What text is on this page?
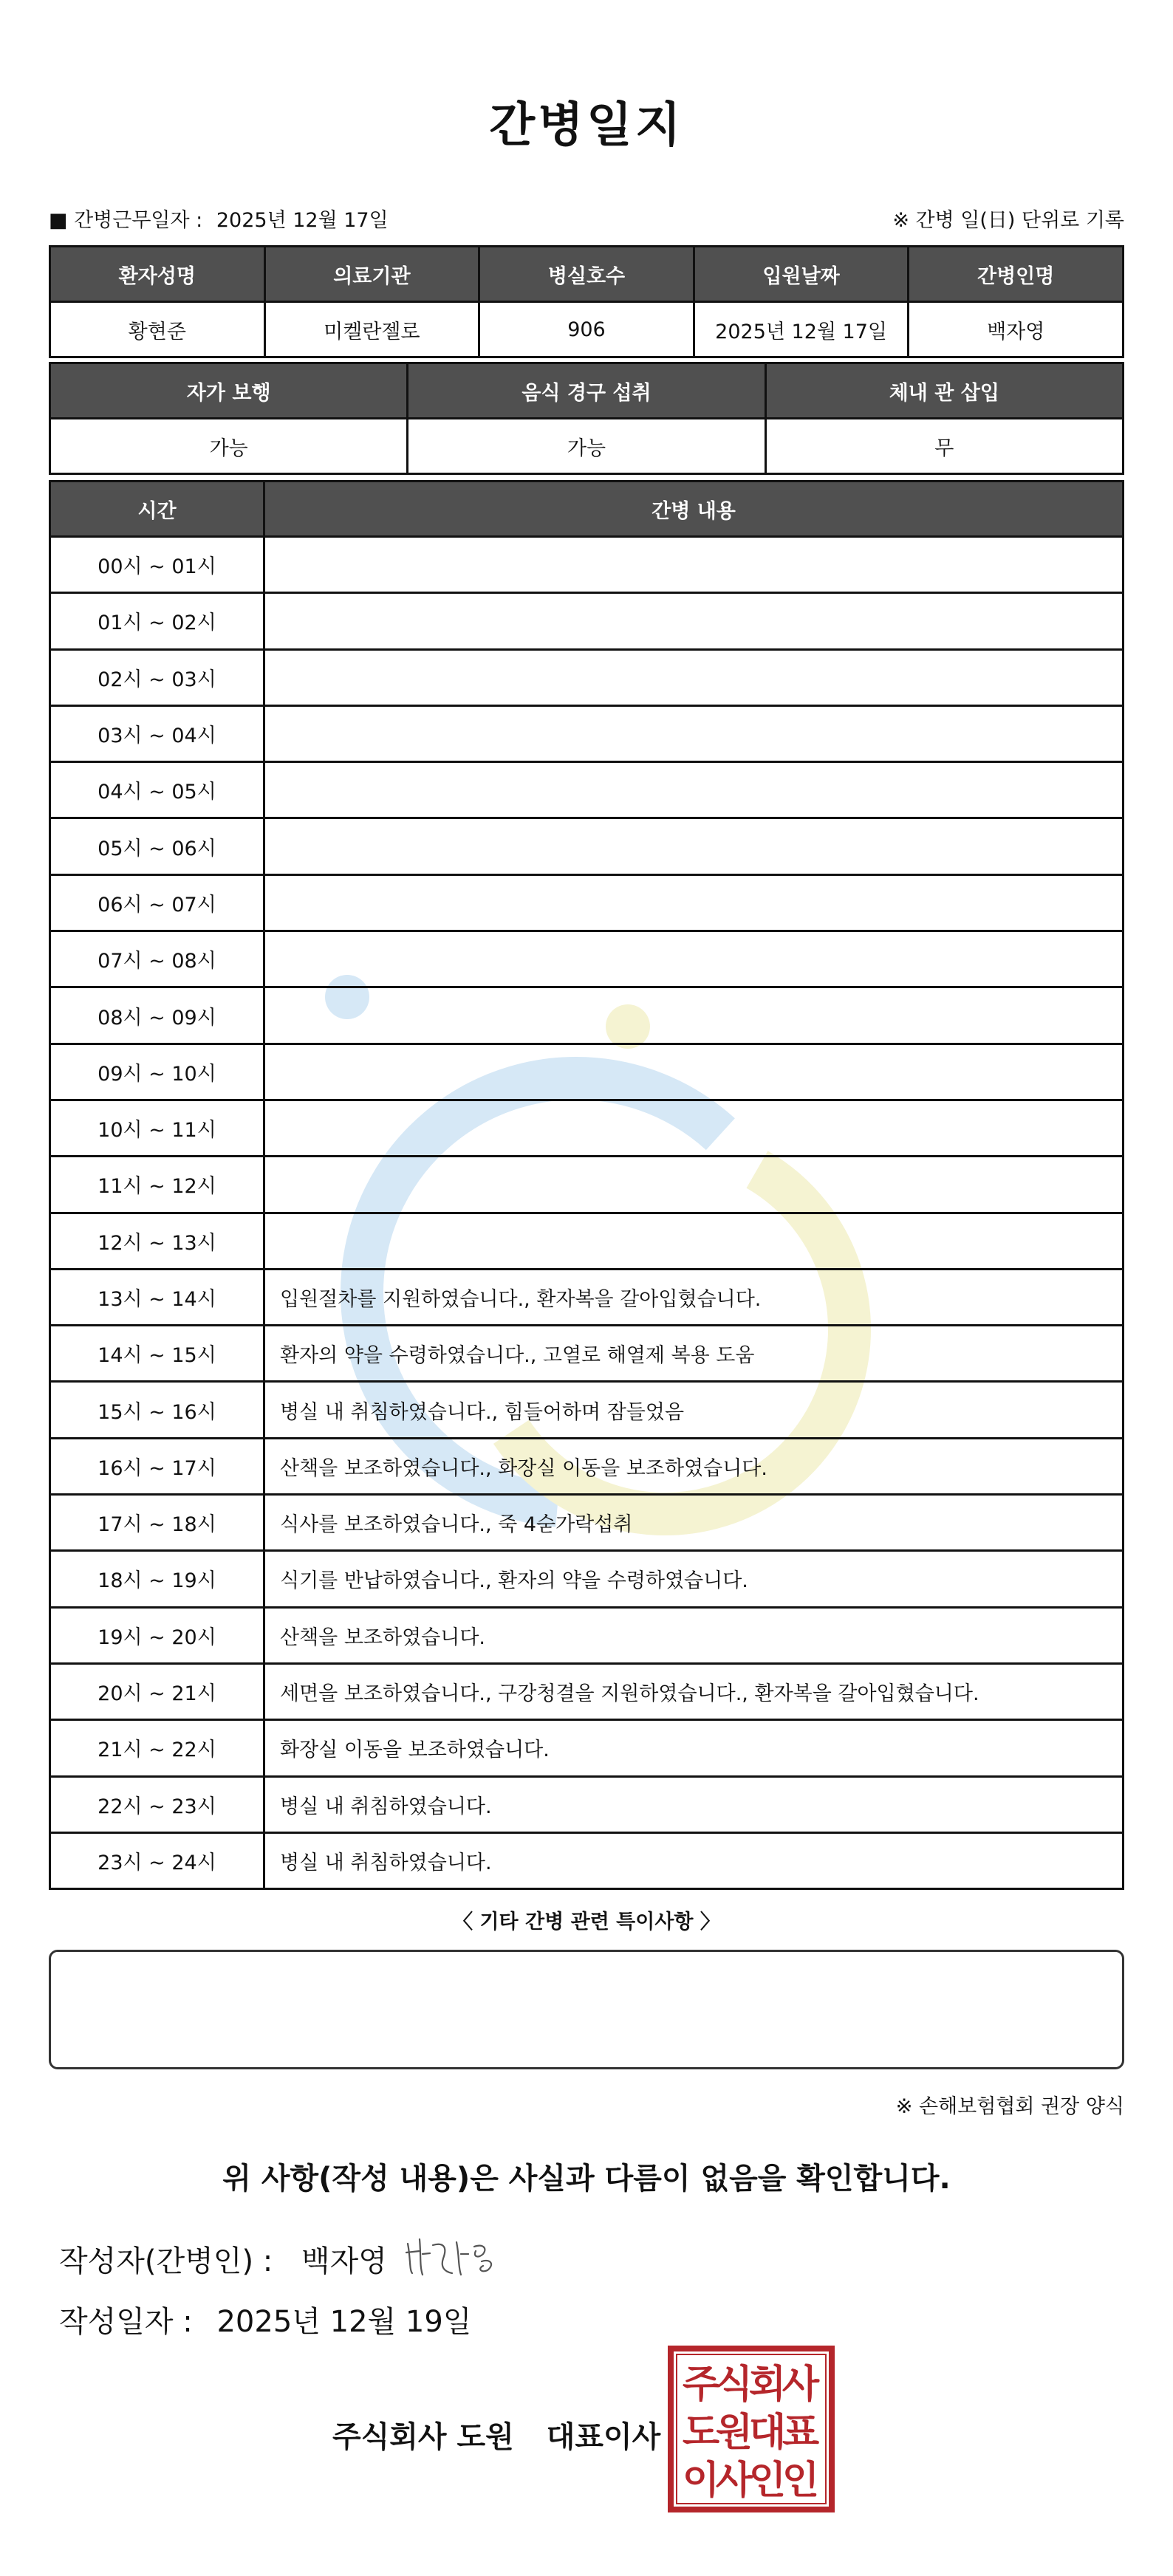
간병일지
■ 간병근무일자 : 2025년 12월 17일	※ 간병 일(日) 단위로 기록
환자성명	의료기관	병실호수	입원날짜	간병인명
황현준	미켈란젤로	906	2025년 12월 17일	백자영
자가 보행	음식 경구 섭취	체내 관 삽입
가능	가능	무
시간	간병 내용
00시 ~ 01시	
01시 ~ 02시	
02시 ~ 03시	
03시 ~ 04시	
04시 ~ 05시	
05시 ~ 06시	
06시 ~ 07시	
07시 ~ 08시	
08시 ~ 09시	
09시 ~ 10시	
10시 ~ 11시	
11시 ~ 12시	
12시 ~ 13시	
13시 ~ 14시	입원절차를 지원하였습니다., 환자복을 갈아입혔습니다.
14시 ~ 15시	환자의 약을 수령하였습니다., 고열로 해열제 복용 도움
15시 ~ 16시	병실 내 취침하였습니다., 힘들어하며 잠들었음
16시 ~ 17시	산책을 보조하였습니다., 화장실 이동을 보조하였습니다.
17시 ~ 18시	식사를 보조하였습니다., 죽 4숟가락섭취
18시 ~ 19시	식기를 반납하였습니다., 환자의 약을 수령하였습니다.
19시 ~ 20시	산책을 보조하였습니다.
20시 ~ 21시	세면을 보조하였습니다., 구강청결을 지원하였습니다., 환자복을 갈아입혔습니다.
21시 ~ 22시	화장실 이동을 보조하였습니다.
22시 ~ 23시	병실 내 취침하였습니다.
23시 ~ 24시	병실 내 취침하였습니다.
〈 기타 간병 관련 특이사항 〉
※ 손해보험협회 권장 양식
위 사항(작성 내용)은 사실과 다름이 없음을 확인합니다.
작성자(간병인) : 백자영
작성일자 : 2025년 12월 19일
주식회사 도원 대표이사
주
식
회
사
도
원
대
표
이
사
인
인
